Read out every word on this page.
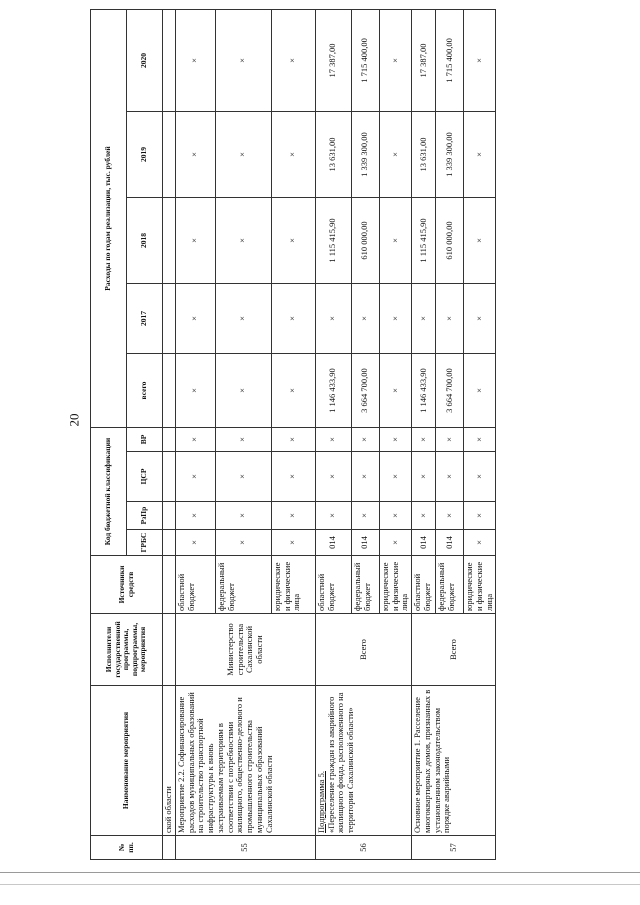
20
№ пп.	Наименование мероприятия	Исполнители государственной программы, подпрограммы, мероприятия	Источники средств	Код бюджетной классификации				Расходы по годам реализации, тыс. рублей				
				ГРБС	РзПр	ЦСР	ВР	всего	2017	2018	2019	2020
	ской области											
55	Мероприятие 2.2. Софинансирование расходов муниципальных образований на строительство транспортной инфраструктуры к вновь застраиваемым территориям в соответствии с потребностями жилищного, общественно-делового и промышленного строительства муниципальных образований Сахалинской области	Министерство строительства Сахалинской области	областной бюджет	×	×	×	×	×	×	×	×	×
			федеральный бюджет	×	×	×	×	×	×	×	×	×
			юридические и физические лица	×	×	×	×	×	×	×	×	×
56	Подпрограмма 5.
«Переселение граждан из аварийного жилищного фонда, расположенного на территории Сахалинской области»	Всего	областной бюджет	014	×	×	×	1 146 433,90	×	1 115 415,90	13 631,00	17 387,00
			федеральный бюджет	014	×	×	×	3 664 700,00	×	610 000,00	1 339 300,00	1 715 400,00
			юридические и физические лица	×	×	×	×	×	×	×	×	×
57	Основное мероприятие 1. Расселение многоквартирных домов, признанных в установленном законодательством порядке аварийными	Всего	областной бюджет	014	×	×	×	1 146 433,90	×	1 115 415,90	13 631,00	17 387,00
			федеральный бюджет	014	×	×	×	3 664 700,00	×	610 000,00	1 339 300,00	1 715 400,00
			юридические и физические лица	×	×	×	×	×	×	×	×	×
